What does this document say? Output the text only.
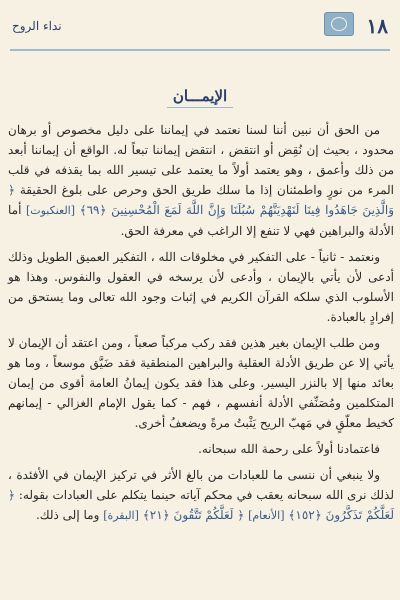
١٨
نداء الروح
الإيمـــان

من الحق أن نبين أننا لسنا نعتمد في إيماننا على دليل مخصوص أو برهان محدود ، بحيث إن نُقِض أو انتقض ، انتقض إيماننا تبعاً له. الواقع أن إيماننا أبعد من ذلك وأعمق ، وهو يعتمد أولاً ما يعتمد على تيسير الله بما يقذفه في قلب المرء من نورٍ واطمئنان إذا ما سلك طريق الحق وحرص على بلوغ الحقيقة ﴿ وَالَّذِينَ جَاهَدُوا فِينَا لَنَهْدِيَنَّهُمْ سُبُلَنَا وَإِنَّ اللَّهَ لَمَعَ الْمُحْسِنِينَ ﴿٦٩﴾ [العنكبوت] أما الأدلة والبراهين فهي لا تنفع إلا الراغب في معرفة الحق.

ونعتمد - ثانياً - على التفكير في مخلوقات الله ، التفكير العميق الطويل وذلك أدعى لأن يأتي بالإيمان ، وأدعى لأن يرسخه في العقول والنفوس. وهذا هو الأسلوب الذي سلكه القرآن الكريم في إثبات وجود الله تعالى وما يستحق من إفرادٍ بالعبادة.

ومن طلب الإيمان بغير هذين فقد ركب مركباً صعباً ، ومن اعتقد أن الإيمان لا يأتي إلا عن طريق الأدلة العقلية والبراهين المنطقية فقد ضَيَّق موسعاً ، وما هو بعائد منها إلا بالنزر اليسير. وعلى هذا فقد يكون إيمانُ العامة أقوى من إيمان المتكلمين ومُصَنِّفي الأدلة أنفسهم ، فهم - كما يقول الإمام الغزالي - إيمانهم كخيط معلّقٍ في مَهبّ الريح يَثْبتُ مرةً ويضعفُ أخرى.

فاعتمادنا أولاً على رحمة الله سبحانه.

ولا ينبغي أن ننسى ما للعبادات من بالغ الأثر في تركيز الإيمان في الأفئدة ، لذلك نرى الله سبحانه يعقب في محكم آياته حينما يتكلم على العبادات بقوله: ﴿ لَعَلَّكُمْ تَذَكَّرُونَ ﴿١٥٢﴾ [الأنعام] ﴿ لَعَلَّكُمْ تَتَّقُونَ ﴿٢١﴾ [البقرة] وما إلى ذلك.
